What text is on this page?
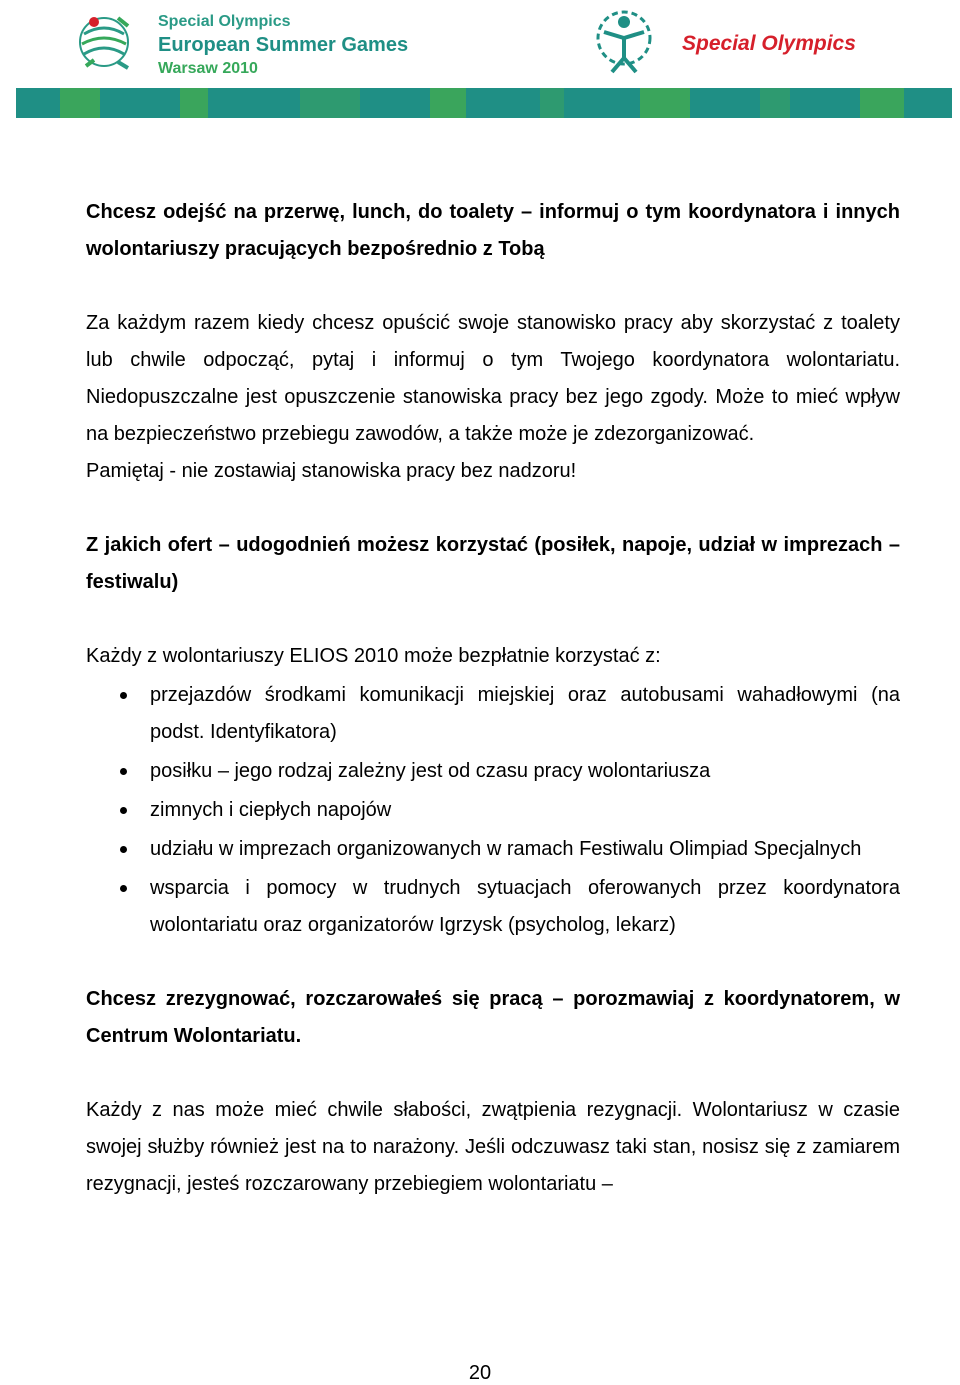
Special Olympics
European Summer Games
Warsaw 2010
Special Olympics

Chcesz odejść na przerwę, lunch, do toalety – informuj o tym koordynatora i innych wolontariuszy pracujących bezpośrednio z Tobą

Za każdym razem kiedy chcesz opuścić swoje stanowisko pracy aby skorzystać z toalety lub chwile odpocząć, pytaj i informuj o tym Twojego koordynatora wolontariatu. Niedopuszczalne jest opuszczenie stanowiska pracy bez jego zgody. Może to mieć wpływ na bezpieczeństwo przebiegu zawodów, a także może je zdezorganizować.

Pamiętaj - nie zostawiaj stanowiska pracy bez nadzoru!

Z jakich ofert – udogodnień możesz korzystać (posiłek, napoje, udział w imprezach – festiwalu)

Każdy z wolontariuszy ELIOS 2010 może bezpłatnie korzystać z:

przejazdów środkami komunikacji miejskiej oraz autobusami wahadłowymi (na podst. Identyfikatora)
posiłku – jego rodzaj zależny jest od czasu pracy wolontariusza
zimnych i ciepłych napojów
udziału w imprezach organizowanych w ramach Festiwalu Olimpiad Specjalnych
wsparcia i pomocy w trudnych sytuacjach oferowanych przez koordynatora wolontariatu oraz organizatorów Igrzysk (psycholog, lekarz)

Chcesz zrezygnować, rozczarowałeś się pracą – porozmawiaj z koordynatorem, w Centrum Wolontariatu.

Każdy z nas może mieć chwile słabości, zwątpienia rezygnacji. Wolontariusz w czasie swojej służby również jest na to narażony. Jeśli odczuwasz taki stan, nosisz się z zamiarem rezygnacji, jesteś rozczarowany przebiegiem wolontariatu –

20
